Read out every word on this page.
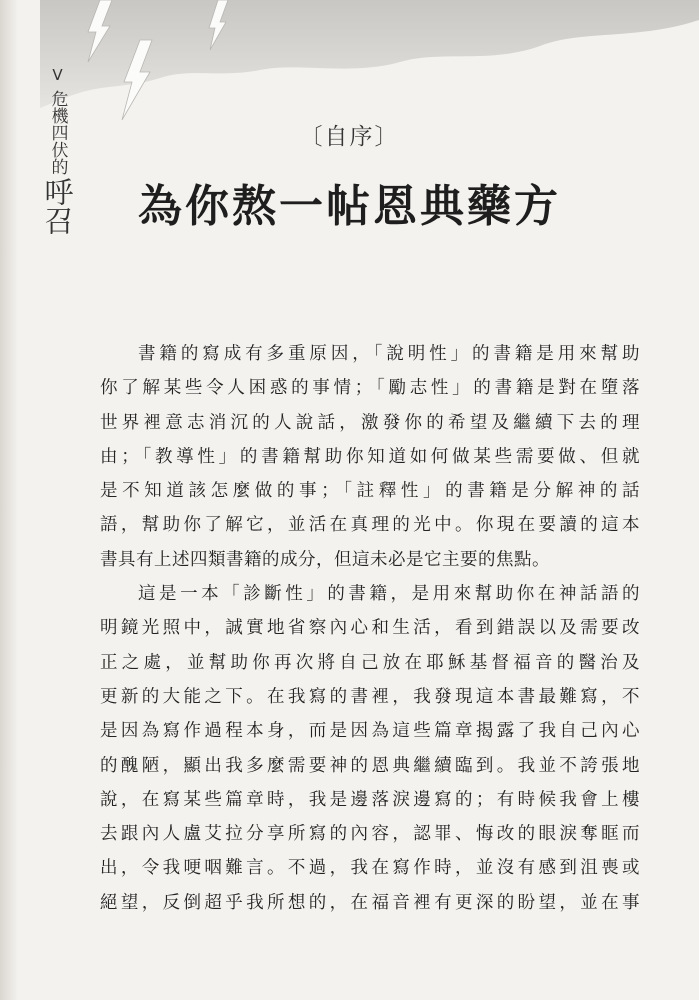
V
危機四伏的
呼召
〔自序〕
為你熬一帖恩典藥方
書籍的寫成有多重原因，「說明性」的書籍是用來幫助
你了解某些令人困惑的事情；「勵志性」的書籍是對在墮落
世界裡意志消沉的人說話，激發你的希望及繼續下去的理
由；「教導性」的書籍幫助你知道如何做某些需要做、但就
是不知道該怎麼做的事；「註釋性」的書籍是分解神的話
語，幫助你了解它，並活在真理的光中。你現在要讀的這本
書具有上述四類書籍的成分，但這未必是它主要的焦點。
這是一本「診斷性」的書籍，是用來幫助你在神話語的
明鏡光照中，誠實地省察內心和生活，看到錯誤以及需要改
正之處，並幫助你再次將自己放在耶穌基督福音的醫治及
更新的大能之下。在我寫的書裡，我發現這本書最難寫，不
是因為寫作過程本身，而是因為這些篇章揭露了我自己內心
的醜陋，顯出我多麼需要神的恩典繼續臨到。我並不誇張地
說，在寫某些篇章時，我是邊落淚邊寫的；有時候我會上樓
去跟內人盧艾拉分享所寫的內容，認罪、悔改的眼淚奪眶而
出，令我哽咽難言。不過，我在寫作時，並沒有感到沮喪或
絕望，反倒超乎我所想的，在福音裡有更深的盼望，並在事
